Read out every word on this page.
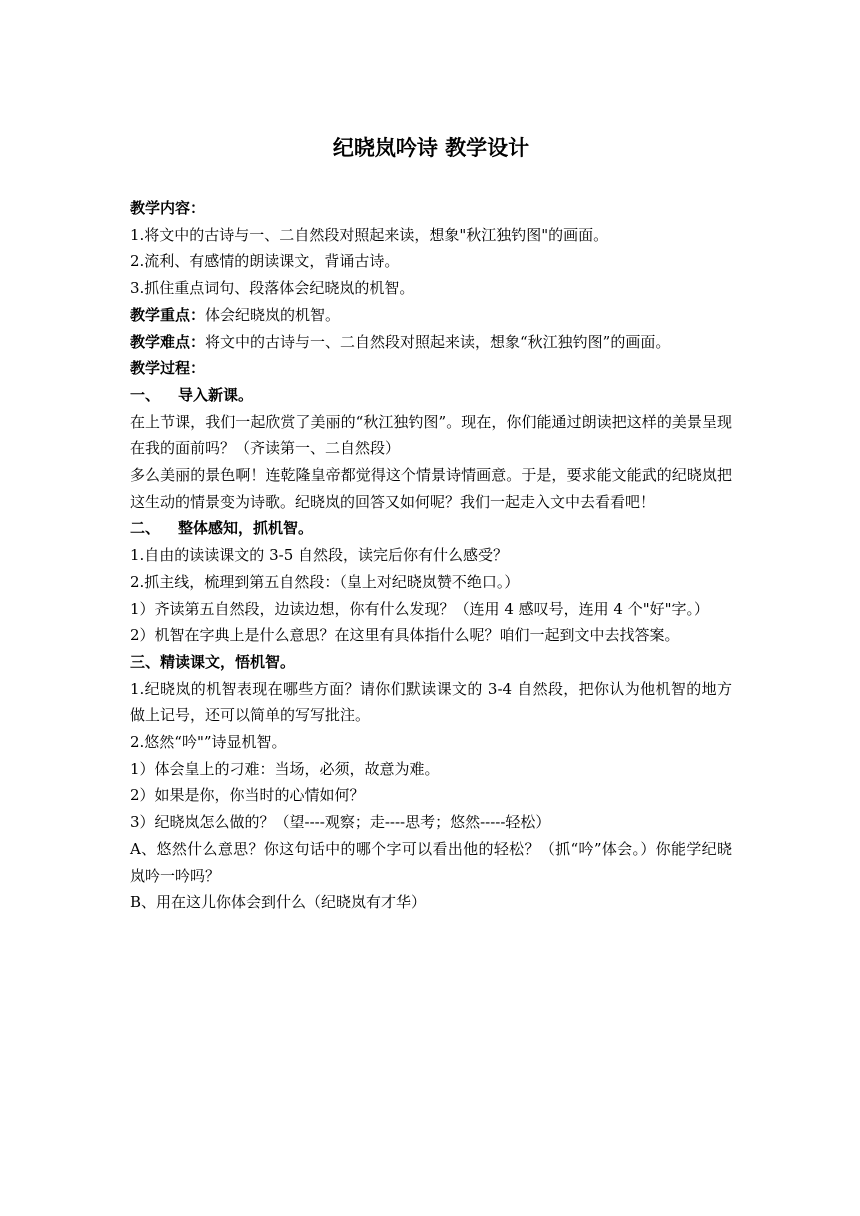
纪晓岚吟诗 教学设计

教学内容：

1.将文中的古诗与一、二自然段对照起来读，想象"秋江独钓图"的画面。

2.流利、有感情的朗读课文，背诵古诗。

3.抓住重点词句、段落体会纪晓岚的机智。

教学重点：体会纪晓岚的机智。

教学难点：将文中的古诗与一、二自然段对照起来读，想象“秋江独钓图”的画面。

教学过程：

一、 导入新课。

在上节课，我们一起欣赏了美丽的“秋江独钓图”。现在，你们能通过朗读把这样的美景呈现在我的面前吗？（齐读第一、二自然段）

多么美丽的景色啊！连乾隆皇帝都觉得这个情景诗情画意。于是，要求能文能武的纪晓岚把这生动的情景变为诗歌。纪晓岚的回答又如何呢？我们一起走入文中去看看吧！

二、 整体感知，抓机智。

1.自由的读读课文的 3-5 自然段，读完后你有什么感受？

2.抓主线，梳理到第五自然段：（皇上对纪晓岚赞不绝口。）

1）齐读第五自然段，边读边想，你有什么发现？（连用 4 感叹号，连用 4 个"好"字。）

2）机智在字典上是什么意思？在这里有具体指什么呢？咱们一起到文中去找答案。

三、精读课文，悟机智。

1.纪晓岚的机智表现在哪些方面？请你们默读课文的 3-4 自然段，把你认为他机智的地方做上记号，还可以简单的写写批注。

2.悠然“吟"”诗显机智。

1）体会皇上的刁难：当场，必须，故意为难。

2）如果是你，你当时的心情如何？

3）纪晓岚怎么做的？（望----观察；走----思考；悠然-----轻松）

A、悠然什么意思？你这句话中的哪个字可以看出他的轻松？（抓“吟”体会。）你能学纪晓岚吟一吟吗？

B、用在这儿你体会到什么（纪晓岚有才华）
